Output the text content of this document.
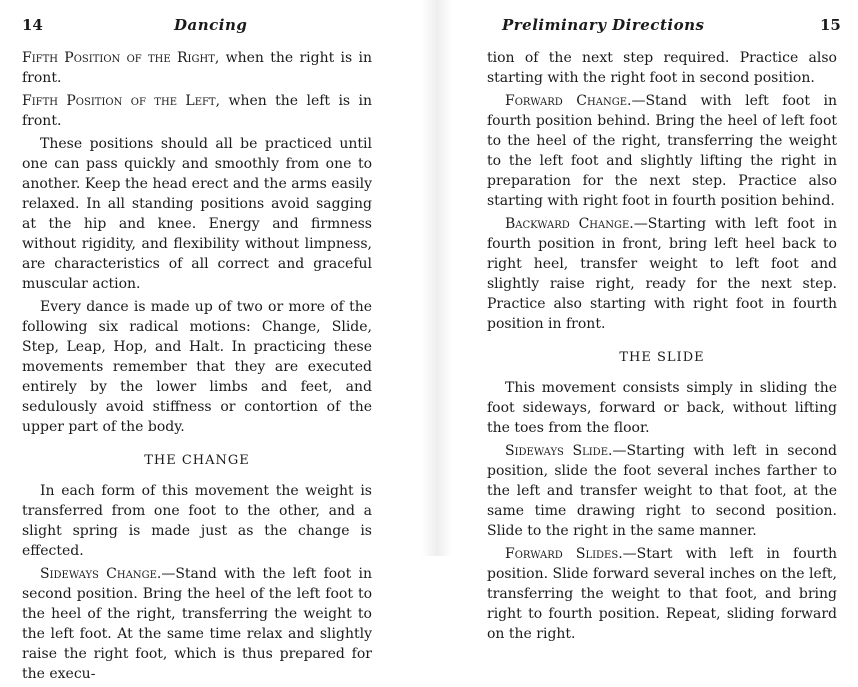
14	Dancing

Fifth Position of the Right, when the right is in front.

Fifth Position of the Left, when the left is in front.

These positions should all be practiced until one can pass quickly and smoothly from one to another. Keep the head erect and the arms easily relaxed. In all standing positions avoid sagging at the hip and knee. Energy and firmness without rigidity, and flexibility without limpness, are characteristics of all correct and graceful muscular action.

Every dance is made up of two or more of the following six radical motions: Change, Slide, Step, Leap, Hop, and Halt. In practicing these movements remember that they are executed entirely by the lower limbs and feet, and sedulously avoid stiffness or contortion of the upper part of the body.

THE CHANGE

In each form of this movement the weight is transferred from one foot to the other, and a slight spring is made just as the change is effected.

Sideways Change.—Stand with the left foot in second position. Bring the heel of the left foot to the heel of the right, transferring the weight to the left foot. At the same time relax and slightly raise the right foot, which is thus prepared for the execu-

Preliminary Directions	15

tion of the next step required. Practice also starting with the right foot in second position.

Forward Change.—Stand with left foot in fourth position behind. Bring the heel of left foot to the heel of the right, transferring the weight to the left foot and slightly lifting the right in preparation for the next step. Practice also starting with right foot in fourth position behind.

Backward Change.—Starting with left foot in fourth position in front, bring left heel back to right heel, transfer weight to left foot and slightly raise right, ready for the next step. Practice also starting with right foot in fourth position in front.

THE SLIDE

This movement consists simply in sliding the foot sideways, forward or back, without lifting the toes from the floor.

Sideways Slide.—Starting with left in second position, slide the foot several inches farther to the left and transfer weight to that foot, at the same time drawing right to second position. Slide to the right in the same manner.

Forward Slides.—Start with left in fourth position. Slide forward several inches on the left, transferring the weight to that foot, and bring right to fourth position. Repeat, sliding forward on the right.
